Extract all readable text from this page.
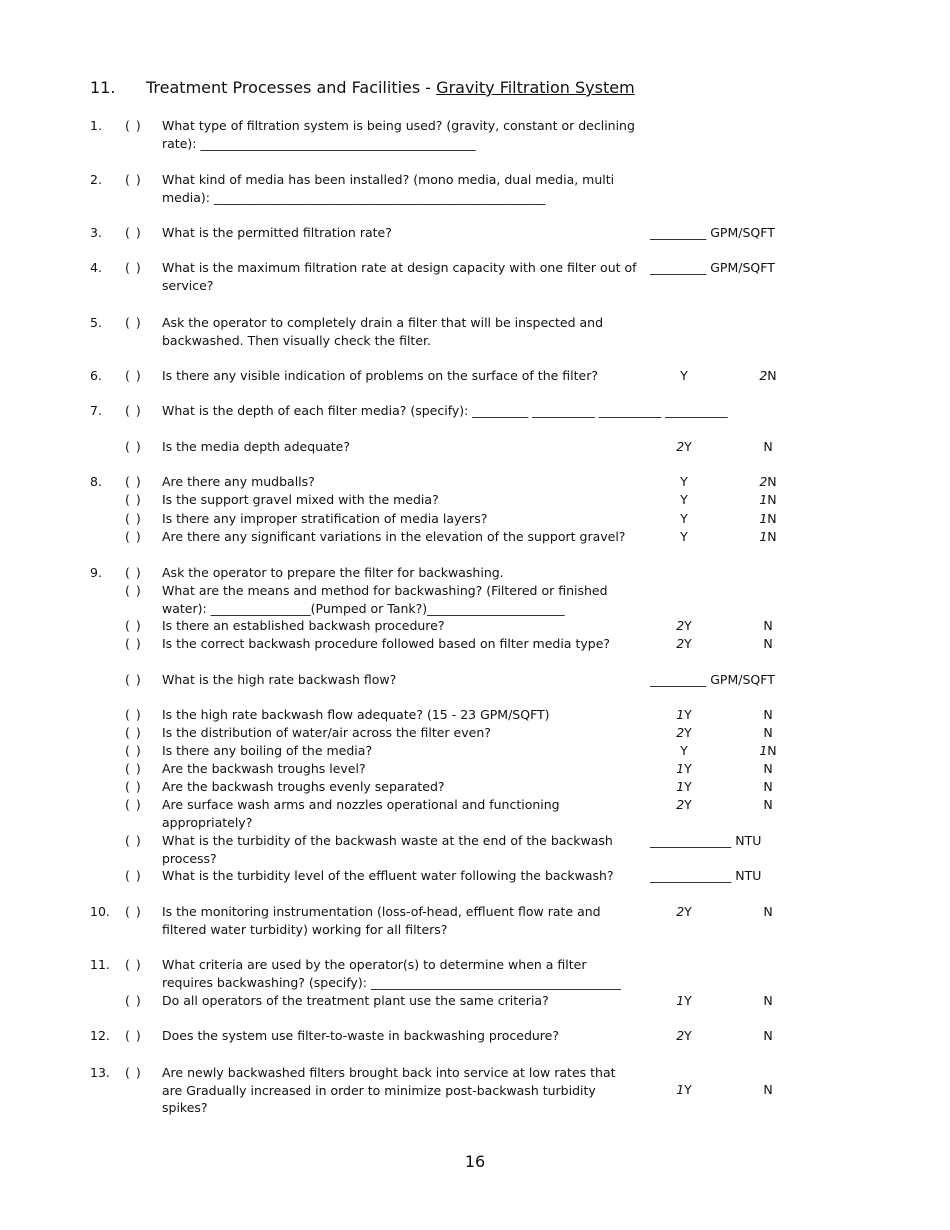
11. Treatment Processes and Facilities - Gravity Filtration System
1. ( ) What type of filtration system is being used? (gravity, constant or declining rate): ____________________________________________
2. ( ) What kind of media has been installed? (mono media, dual media, multi media): _____________________________________________________
3. ( ) What is the permitted filtration rate?	_________ GPM/SQFT
4. ( ) What is the maximum filtration rate at design capacity with one filter out of service?
_________ GPM/SQFT
5. ( ) Ask the operator to completely drain a filter that will be inspected and backwashed. Then visually check the filter.
6. ( ) Is there any visible indication of problems on the surface of the filter?	Y	2N
7. ( ) What is the depth of each filter media? (specify): _________ __________ __________ __________
( ) Is the media depth adequate?	2Y	N
8. ( ) Are there any mudballs?	Y	2N
( ) Is the support gravel mixed with the media?	Y	1N
( ) Is there any improper stratification of media layers?	Y	1N
( ) Are there any significant variations in the elevation of the support gravel?	Y	1N
9. ( ) Ask the operator to prepare the filter for backwashing.
( ) What are the means and method for backwashing? (Filtered or finished water): ________________(Pumped or Tank?)______________________
( ) Is there an established backwash procedure?	2Y	N
( ) Is the correct backwash procedure followed based on filter media type?	2Y	N
( ) What is the high rate backwash flow?	_________ GPM/SQFT
( ) Is the high rate backwash flow adequate? (15 - 23 GPM/SQFT)	1Y	N
( ) Is the distribution of water/air across the filter even?	2Y	N
( ) Is there any boiling of the media?	Y	1N
( ) Are the backwash troughs level?	1Y	N
( ) Are the backwash troughs evenly separated?	1Y	N
( ) Are surface wash arms and nozzles operational and functioning appropriately?
2Y	N
( ) What is the turbidity of the backwash waste at the end of the backwash process?
_____________ NTU
( ) What is the turbidity level of the effluent water following the backwash?	_____________ NTU
10. ( ) Is the monitoring instrumentation (loss-of-head, effluent flow rate and filtered water turbidity) working for all filters?
2Y	N
11. ( ) What criteria are used by the operator(s) to determine when a filter requires backwashing? (specify): ________________________________________
( ) Do all operators of the treatment plant use the same criteria?	1Y	N
12. ( ) Does the system use filter-to-waste in backwashing procedure?	2Y	N
13. ( ) Are newly backwashed filters brought back into service at low rates that are Gradually increased in order to minimize post-backwash turbidity spikes?
1Y	N
16
